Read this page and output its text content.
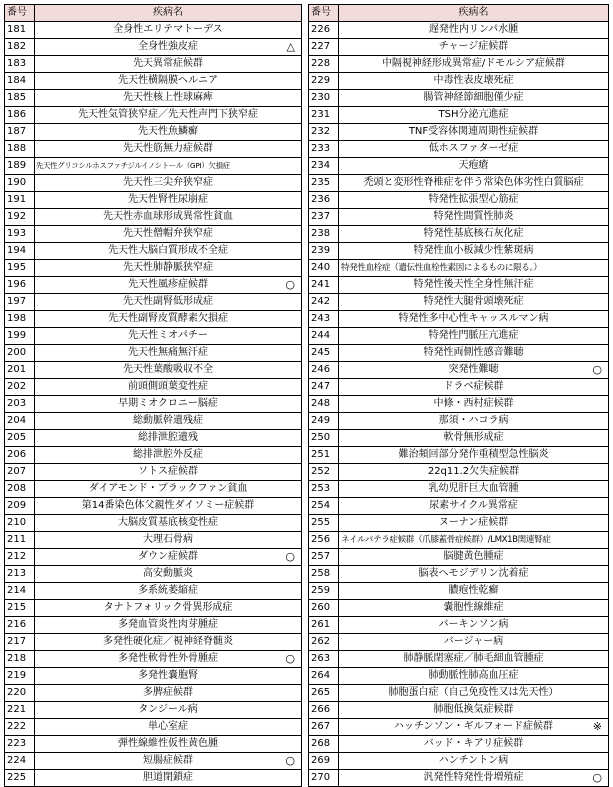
番号	疾病名
181	全身性エリテマトーデス
182	全身性強皮症 △

183	先天異常症候群
184	先天性横隔膜ヘルニア
185	先天性核上性球麻痺
186	先天性気管狭窄症／先天性声門下狭窄症
187	先天性魚鱗癬
188	先天性筋無力症候群
189	先天性グリコシルホスファチジルイノシトール（GPI）欠損症
190	先天性三尖弁狭窄症
191	先天性腎性尿崩症
192	先天性赤血球形成異常性貧血
193	先天性僧帽弁狭窄症
194	先天性大脳白質形成不全症
195	先天性肺静脈狭窄症
196	先天性風疹症候群 ○

197	先天性副腎低形成症
198	先天性副腎皮質酵素欠損症
199	先天性ミオパチー
200	先天性無痛無汗症
201	先天性葉酸吸収不全
202	前頭側頭葉変性症
203	早期ミオクロニー脳症
204	総動脈幹遺残症
205	総排泄腔遺残
206	総排泄腔外反症
207	ソトス症候群
208	ダイアモンド・ブラックファン貧血
209	第14番染色体父親性ダイソミー症候群
210	大脳皮質基底核変性症
211	大理石骨病
212	ダウン症候群 ○

213	高安動脈炎
214	多系統萎縮症
215	タナトフォリック骨異形成症
216	多発血管炎性肉芽腫症
217	多発性硬化症／視神経脊髄炎
218	多発性軟骨性外骨腫症 ○

219	多発性嚢胞腎
220	多脾症候群
221	タンジール病
222	単心室症
223	弾性線維性仮性黄色腫
224	短腸症候群 ○

225	胆道閉鎖症
番号	疾病名
226	遅発性内リンパ水腫
227	チャージ症候群
228	中隔視神経形成異常症/ドモルシア症候群
229	中毒性表皮壊死症
230	腸管神経節細胞僅少症
231	TSH分泌亢進症
232	TNF受容体関連周期性症候群
233	低ホスファターゼ症
234	天疱瘡
235	禿頭と変形性脊椎症を伴う常染色体劣性白質脳症
236	特発性拡張型心筋症
237	特発性間質性肺炎
238	特発性基底核石灰化症
239	特発性血小板減少性紫斑病
240	特発性血栓症（遺伝性血栓性素因によるものに限る。）
241	特発性後天性全身性無汗症
242	特発性大腿骨頭壊死症
243	特発性多中心性キャッスルマン病
244	特発性門脈圧亢進症
245	特発性両側性感音難聴
246	突発性難聴 ○

247	ドラベ症候群
248	中條・西村症候群
249	那須・ハコラ病
250	軟骨無形成症
251	難治頻回部分発作重積型急性脳炎
252	22q11.2欠失症候群
253	乳幼児肝巨大血管腫
254	尿素サイクル異常症
255	ヌーナン症候群
256	ネイルパテラ症候群（爪膝蓋骨症候群）/LMX1B関連腎症
257	脳腱黄色腫症
258	脳表ヘモジデリン沈着症
259	膿疱性乾癬
260	嚢胞性線維症
261	パーキンソン病
262	バージャー病
263	肺静脈閉塞症／肺毛細血管腫症
264	肺動脈性肺高血圧症
265	肺胞蛋白症（自己免疫性又は先天性）
266	肺胞低換気症候群
267	ハッチンソン・ギルフォード症候群 ※

268	バッド・キアリ症候群
269	ハンチントン病
270	汎発性特発性骨増殖症 ○
